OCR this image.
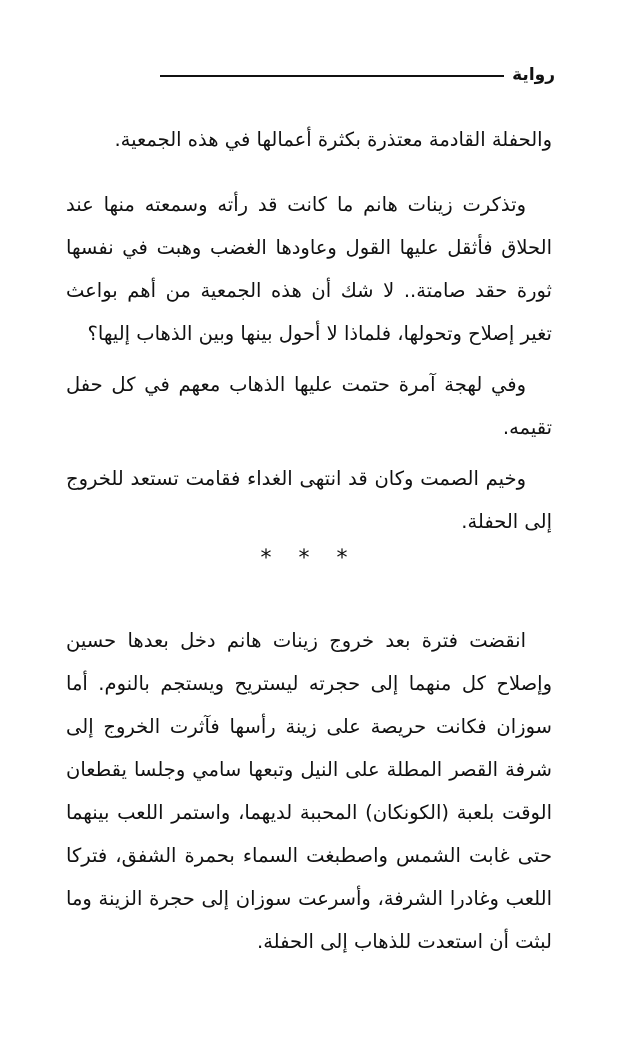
رواية

والحفلة القادمة معتذرة بكثرة أعمالها في هذه الجمعية.

وتذكرت زينات هانم ما كانت قد رأته وسمعته منها عند الحلاق فأثقل عليها القول وعاودها الغضب وهبت في نفسها ثورة حقد صامتة.. لا شك أن هذه الجمعية من أهم بواعث تغير إصلاح وتحولها، فلماذا لا أحول بينها وبين الذهاب إليها؟

وفي لهجة آمرة حتمت عليها الذهاب معهم في كل حفل تقيمه.

وخيم الصمت وكان قد انتهى الغداء فقامت تستعد للخروج إلى الحفلة.

* * *

انقضت فترة بعد خروج زينات هانم دخل بعدها حسين وإصلاح كل منهما إلى حجرته ليستريح ويستجم بالنوم. أما سوزان فكانت حريصة على زينة رأسها فآثرت الخروج إلى شرفة القصر المطلة على النيل وتبعها سامي وجلسا يقطعان الوقت بلعبة (الكونكان) المحببة لديهما، واستمر اللعب بينهما حتى غابت الشمس واصطبغت السماء بحمرة الشفق، فتركا اللعب وغادرا الشرفة، وأسرعت سوزان إلى حجرة الزينة وما لبثت أن استعدت للذهاب إلى الحفلة.
